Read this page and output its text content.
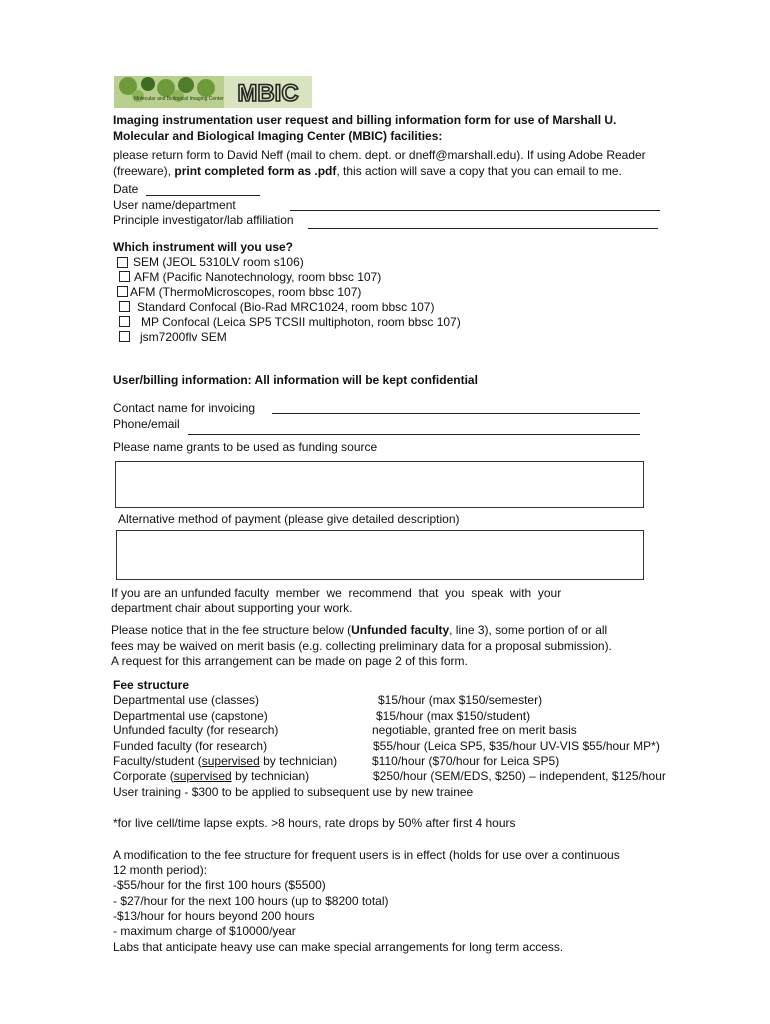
MBIC
Molecular and Biological Imaging Center
Imaging instrumentation user request and billing information form for use of Marshall U.
Molecular and Biological Imaging Center (MBIC) facilities:
please return form to David Neff (mail to chem. dept. or dneff@marshall.edu). If using Adobe Reader
(freeware), print completed form as .pdf, this action will save a copy that you can email to me.
Date
User name/department
Principle investigator/lab affiliation
Which instrument will you use?
SEM (JEOL 5310LV room s106)
AFM (Pacific Nanotechnology, room bbsc 107)
AFM (ThermoMicroscopes, room bbsc 107)
Standard Confocal (Bio-Rad MRC1024, room bbsc 107)
MP Confocal (Leica SP5 TCSII multiphoton, room bbsc 107)
jsm7200flv SEM
User/billing information: All information will be kept confidential
Contact name for invoicing
Phone/email
Please name grants to be used as funding source
Alternative method of payment (please give detailed description)
If you are an unfunded faculty  member  we  recommend  that  you  speak  with  your
department chair about supporting your work.
Please notice that in the fee structure below (Unfunded faculty, line 3), some portion of or all
fees may be waived on merit basis (e.g. collecting preliminary data for a proposal submission).
A request for this arrangement can be made on page 2 of this form.
Fee structure
Departmental use (classes)	$15/hour (max $150/semester)
Departmental use (capstone)	$15/hour (max $150/student)
Unfunded faculty (for research)	negotiable, granted free on merit basis
Funded faculty (for research)	$55/hour (Leica SP5, $35/hour UV-VIS $55/hour MP*)
Faculty/student (supervised by technician)	$110/hour ($70/hour for Leica SP5)
Corporate (supervised by technician)	$250/hour (SEM/EDS, $250) – independent, $125/hour
User training - $300 to be applied to subsequent use by new trainee
*for live cell/time lapse expts. >8 hours, rate drops by 50% after first 4 hours
A modification to the fee structure for frequent users is in effect (holds for use over a continuous
12 month period):
-$55/hour for the first 100 hours ($5500)
- $27/hour for the next 100 hours (up to $8200 total)
-$13/hour for hours beyond 200 hours
- maximum charge of $10000/year
Labs that anticipate heavy use can make special arrangements for long term access.
